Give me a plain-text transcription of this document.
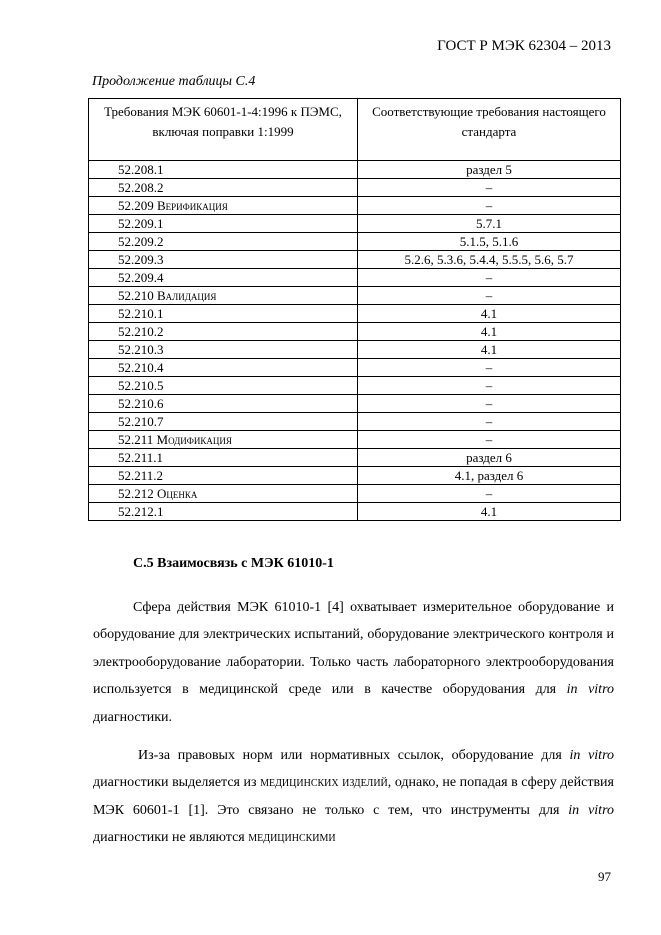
ГОСТ Р МЭК 62304 – 2013
Продолжение таблицы С.4
Требования МЭК 60601-1-4:1996 к ПЭМС, включая поправки 1:1999	Соответствующие требования настоящего стандарта
52.208.1	раздел 5
52.208.2	–
52.209 Верификация	–
52.209.1	5.7.1
52.209.2	5.1.5, 5.1.6
52.209.3	5.2.6, 5.3.6, 5.4.4, 5.5.5, 5.6, 5.7
52.209.4	–
52.210 Валидация	–
52.210.1	4.1
52.210.2	4.1
52.210.3	4.1
52.210.4	–
52.210.5	–
52.210.6	–
52.210.7	–
52.211 Модификация	–
52.211.1	раздел 6
52.211.2	4.1, раздел 6
52.212 Оценка	–
52.212.1	4.1
С.5 Взаимосвязь с МЭК 61010-1

Сфера действия МЭК 61010-1 [4] охватывает измерительное оборудование и оборудование для электрических испытаний, оборудование электрического контроля и электрооборудование лаборатории. Только часть лабораторного электрооборудования используется в медицинской среде или в качестве оборудования для in vitro диагностики.

Из-за правовых норм или нормативных ссылок, оборудование для in vitro диагностики выделяется из медицинских изделий, однако, не попадая в сферу действия МЭК 60601-1 [1]. Это связано не только с тем, что инструменты для in vitro диагностики не являются медицинскими

97
